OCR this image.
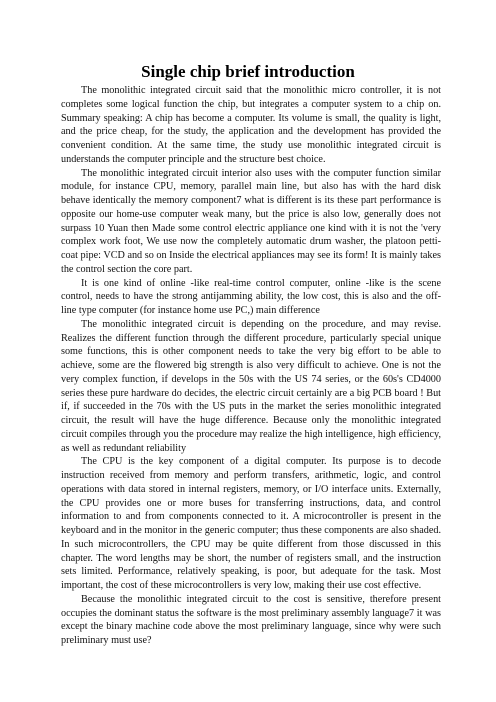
Single chip brief introduction

The monolithic integrated circuit said that the monolithic micro controller, it is not completes some logical function the chip, but integrates a computer system to a chip on. Summary speaking: A chip has become a computer. Its volume is small, the quality is light, and the price cheap, for the study, the application and the development has provided the convenient condition. At the same time, the study use monolithic integrated circuit is understands the computer principle and the structure best choice.

The monolithic integrated circuit interior also uses with the computer function similar module, for instance CPU, memory, parallel main line, but also has with the hard disk behave identically the memory component7 what is different is its these part performance is opposite our home-use computer weak many, but the price is also low, generally does not surpass 10 Yuan then Made some control electric appliance one kind with it is not the 'very complex work foot, We use now the completely automatic drum washer, the platoon petti-coat pipe: VCD and so on Inside the electrical appliances may see its form! It is mainly takes the control section the core part.

It is one kind of online -like real-time control computer, online -like is the scene control, needs to have the strong antijamming ability, the low cost, this is also and the off-line type computer (for instance home use PC,) main difference

The monolithic integrated circuit is depending on the procedure, and may revise. Realizes the different function through the different procedure, particularly special unique some functions, this is other component needs to take the very big effort to be able to achieve, some are the flowered big strength is also very difficult to achieve. One is not the very complex function, if develops in the 50s with the US 74 series, or the 60s's CD4000 series these pure hardware do decides, the electric circuit certainly are a big PCB board ! But if, if succeeded in the 70s with the US puts in the market the series monolithic integrated circuit, the result will have the huge difference. Because only the monolithic integrated circuit compiles through you the procedure may realize the high intelligence, high efficiency, as well as redundant reliability

The CPU is the key component of a digital computer. Its purpose is to decode instruction received from memory and perform transfers, arithmetic, logic, and control operations with data stored in internal registers, memory, or I/O interface units. Externally, the CPU provides one or more buses for transferring instructions, data, and control information to and from components connected to it. A microcontroller is present in the keyboard and in the monitor in the generic computer; thus these components are also shaded. In such microcontrollers, the CPU may be quite different from those discussed in this chapter. The word lengths may be short, the number of registers small, and the instruction sets limited. Performance, relatively speaking, is poor, but adequate for the task. Most important, the cost of these microcontrollers is very low, making their use cost effective.

Because the monolithic integrated circuit to the cost is sensitive, therefore present occupies the dominant status the software is the most preliminary assembly language7 it was except the binary machine code above the most preliminary language, since why were such preliminary must use?
